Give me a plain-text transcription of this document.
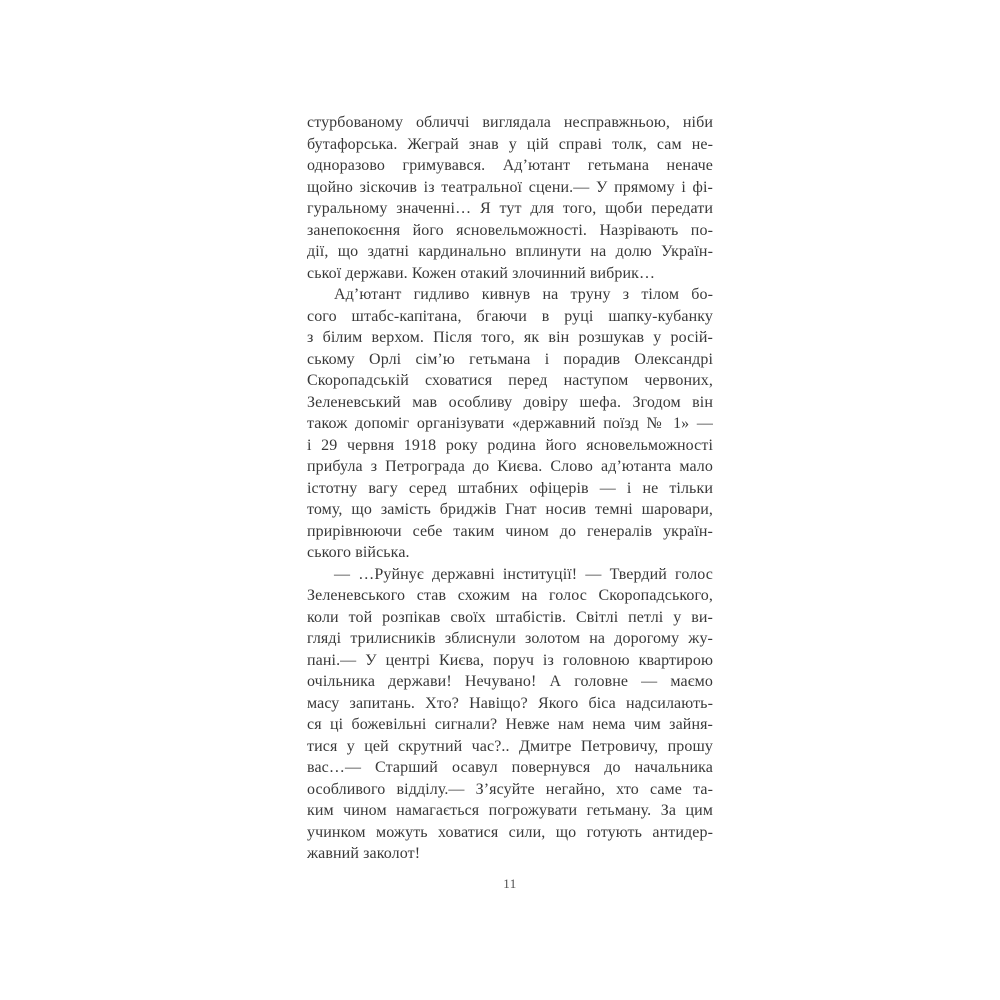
стурбованому обличчі виглядала несправжньою, ніби
бутафорська. Жеграй знав у цій справі толк, сам не-
одноразово гримувався. Ад’ютант гетьмана неначе
щойно зіскочив із театральної сцени.— У прямому і фі-
гуральному значенні… Я тут для того, щоби передати
занепокоєння його ясновельможності. Назрівають по-
дії, що здатні кардинально вплинути на долю Україн-
ської держави. Кожен отакий злочинний вибрик…
Ад’ютант гидливо кивнув на труну з тілом бо-
сого штабс-капітана, бгаючи в руці шапку-кубанку
з білим верхом. Після того, як він розшукав у росій-
ському Орлі сім’ю гетьмана і порадив Олександрі
Скоропадській сховатися перед наступом червоних,
Зеленевський мав особливу довіру шефа. Згодом він
також допоміг організувати «державний поїзд № 1» —
і 29 червня 1918 року родина його ясновельможності
прибула з Петрограда до Києва. Слово ад’ютанта мало
істотну вагу серед штабних офіцерів — і не тільки
тому, що замість бриджів Гнат носив темні шаровари,
прирівнюючи себе таким чином до генералів україн-
ського війська.
— …Руйнує державні інституції! — Твердий голос
Зеленевського став схожим на голос Скоропадського,
коли той розпікав своїх штабістів. Світлі петлі у ви-
гляді трилисників зблиснули золотом на дорогому жу-
пані.— У центрі Києва, поруч із головною квартирою
очільника держави! Нечувано! А головне — маємо
масу запитань. Хто? Навіщо? Якого біса надсилають-
ся ці божевільні сигнали? Невже нам нема чим зайня-
тися у цей скрутний час?.. Дмитре Петровичу, прошу
вас…— Старший осавул повернувся до начальника
особливого відділу.— З’ясуйте негайно, хто саме та-
ким чином намагається погрожувати гетьману. За цим
учинком можуть ховатися сили, що готують антидер-
жавний заколот!
11
